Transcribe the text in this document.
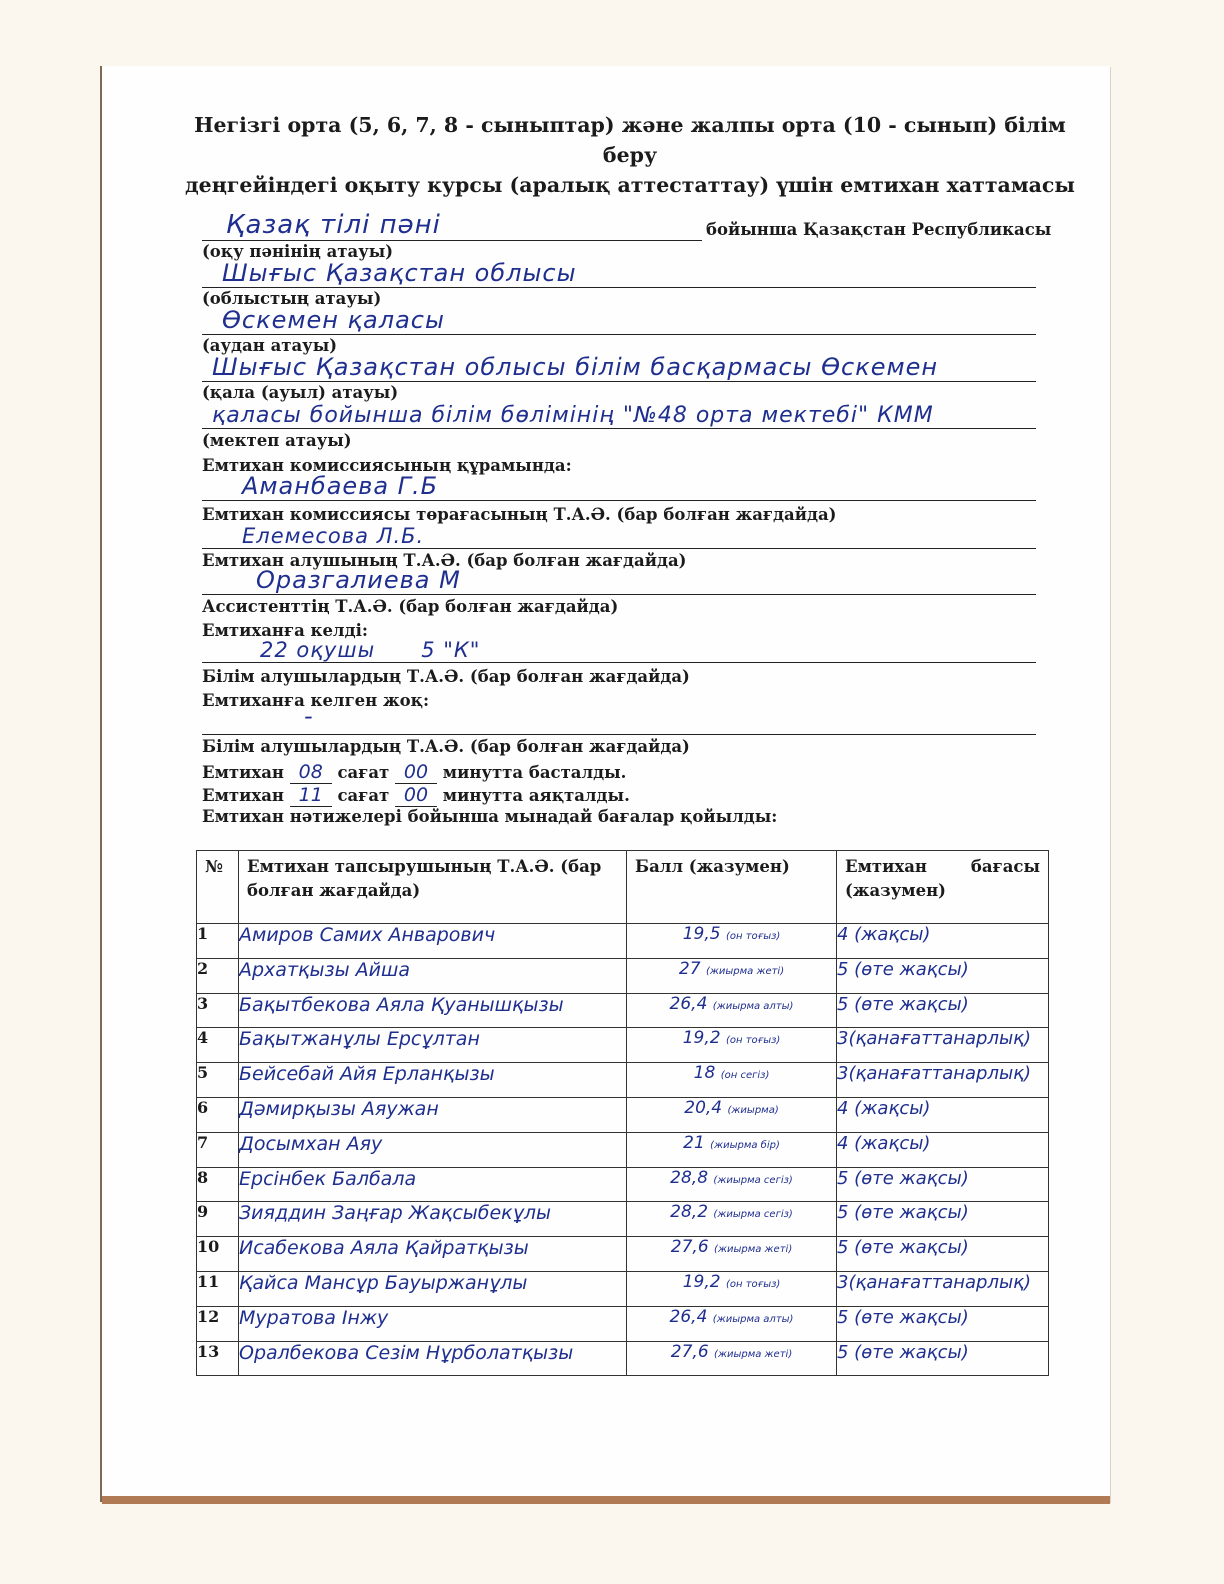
Негізгі орта (5, 6, 7, 8 - сыныптар) және жалпы орта (10 - сынып) білім беру
деңгейіндегі оқыту курсы (аралық аттестаттау) үшін емтихан хаттамасы
Қазақ тілі пәні	бойынша Қазақстан Республикасы
(оқу пәнінің атауы)
Шығыс Қазақстан облысы
(облыстың атауы)
Өскемен қаласы
(аудан атауы)
Шығыс Қазақстан облысы білім басқармасы Өскемен
(қала (ауыл) атауы)
қаласы бойынша білім бөлімінің "№48 орта мектебі" КММ
(мектеп атауы)
Емтихан комиссиясының құрамында:
Аманбаева Г.Б
Емтихан комиссиясы төрағасының Т.А.Ә. (бар болған жағдайда)
Елемесова Л.Б.
Емтихан алушының Т.А.Ә. (бар болған жағдайда)
Оразгалиева М
Ассистенттің Т.А.Ә. (бар болған жағдайда)
Емтиханға келді:
22 оқушы      5 "К"
Білім алушылардың Т.А.Ә. (бар болған жағдайда)
Емтиханға келген жоқ:
-
Білім алушылардың Т.А.Ә. (бар болған жағдайда)
Емтихан 08 сағат 00 минутта басталды.
Емтихан 11 сағат 00 минутта аяқталды.
Емтихан нәтижелері бойынша мынадай бағалар қойылды:
№	Емтихан тапсырушының Т.А.Ә. (бар болған жағдайда)	Балл (жазумен)	Емтихан бағасы
(жазумен)

1	Амиров Самих Анварович	19,5 (он тоғыз)	4 (жақсы)
2	Архатқызы Айша	27 (жиырма жеті)	5 (өте жақсы)
3	Бақытбекова Аяла Қуанышқызы	26,4 (жиырма алты)	5 (өте жақсы)
4	Бақытжанұлы Ерсұлтан	19,2 (он тоғыз)	3(қанағаттанарлық)
5	Бейсебай Айя Ерланқызы	18 (он сегіз)	3(қанағаттанарлық)
6	Дәмирқызы Аяужан	20,4 (жиырма)	4 (жақсы)
7	Досымхан Аяу	21 (жиырма бір)	4 (жақсы)
8	Ерсінбек Балбала	28,8 (жиырма сегіз)	5 (өте жақсы)
9	Зияддин Заңғар Жақсыбекұлы	28,2 (жиырма сегіз)	5 (өте жақсы)
10	Исабекова Аяла Қайратқызы	27,6 (жиырма жеті)	5 (өте жақсы)
11	Қайса Мансұр Бауыржанұлы	19,2 (он тоғыз)	3(қанағаттанарлық)
12	Муратова Інжу	26,4 (жиырма алты)	5 (өте жақсы)
13	Оралбекова Сезім Нұрболатқызы	27,6 (жиырма жеті)	5 (өте жақсы)
